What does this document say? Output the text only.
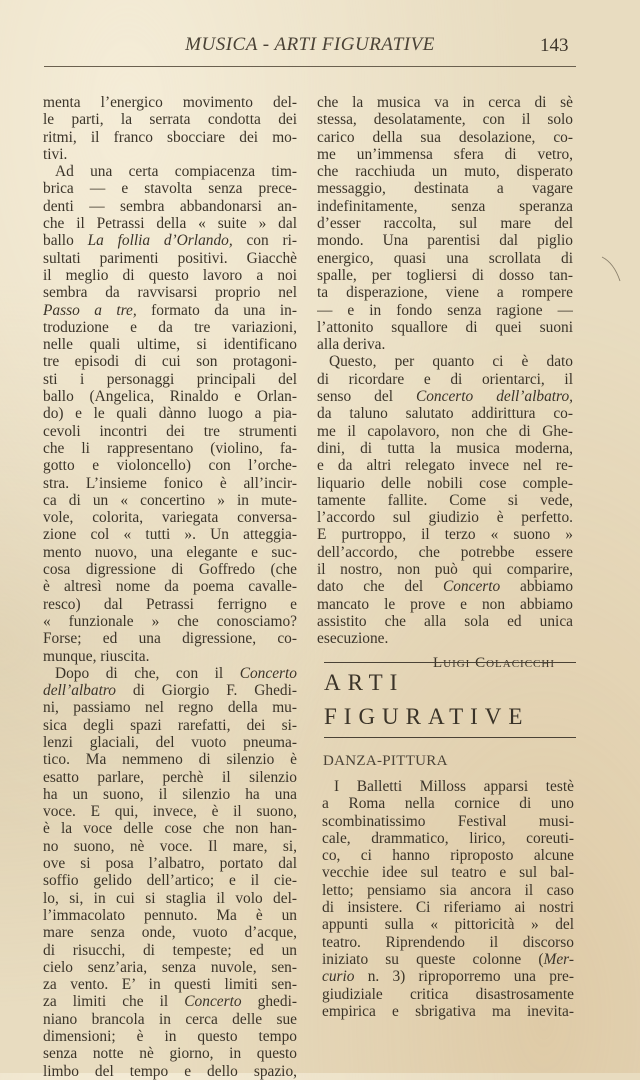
MUSICA - ARTI FIGURATIVE	143
menta l’energico movimento del-
le parti, la serrata condotta dei
ritmi, il franco sbocciare dei mo-
tivi.
Ad una certa compiacenza tim-
brica — e stavolta senza prece-
denti — sembra abbandonarsi an-
che il Petrassi della « suite » dal
ballo La follia d’Orlando, con ri-
sultati parimenti positivi. Giacchè
il meglio di questo lavoro a noi
sembra da ravvisarsi proprio nel
Passo a tre, formato da una in-
troduzione e da tre variazioni,
nelle quali ultime, si identificano
tre episodi di cui son protagoni-
sti i personaggi principali del
ballo (Angelica, Rinaldo e Orlan-
do) e le quali dànno luogo a pia-
cevoli incontri dei tre strumenti
che li rappresentano (violino, fa-
gotto e violoncello) con l’orche-
stra. L’insieme fonico è all’incir-
ca di un « concertino » in mute-
vole, colorita, variegata conversa-
zione col « tutti ». Un atteggia-
mento nuovo, una elegante e suc-
cosa digressione di Goffredo (che
è altresì nome da poema cavalle-
resco) dal Petrassi ferrigno e
« funzionale » che conosciamo?
Forse; ed una digressione, co-
munque, riuscita.
Dopo di che, con il Concerto
dell’albatro di Giorgio F. Ghedi-
ni, passiamo nel regno della mu-
sica degli spazi rarefatti, dei si-
lenzi glaciali, del vuoto pneuma-
tico. Ma nemmeno di silenzio è
esatto parlare, perchè il silenzio
ha un suono, il silenzio ha una
voce. E qui, invece, è il suono,
è la voce delle cose che non han-
no suono, nè voce. Il mare, si,
ove si posa l’albatro, portato dal
soffio gelido dell’artico; e il cie-
lo, si, in cui si staglia il volo del-
l’immacolato pennuto. Ma è un
mare senza onde, vuoto d’acque,
di risucchi, di tempeste; ed un
cielo senz’aria, senza nuvole, sen-
za vento. E’ in questi limiti sen-
za limiti che il Concerto ghedi-
niano brancola in cerca delle sue
dimensioni; è in questo tempo
senza notte nè giorno, in questo
limbo del tempo e dello spazio,
che la musica va in cerca di sè
stessa, desolatamente, con il solo
carico della sua desolazione, co-
me un’immensa sfera di vetro,
che racchiuda un muto, disperato
messaggio, destinata a vagare
indefinitamente, senza speranza
d’esser raccolta, sul mare del
mondo. Una parentisi dal piglio
energico, quasi una scrollata di
spalle, per togliersi di dosso tan-
ta disperazione, viene a rompere
— e in fondo senza ragione —
l’attonito squallore di quei suoni
alla deriva.
Questo, per quanto ci è dato
di ricordare e di orientarci, il
senso del Concerto dell’albatro,
da taluno salutato addirittura co-
me il capolavoro, non che di Ghe-
dini, di tutta la musica moderna,
e da altri relegato invece nel re-
liquario delle nobili cose comple-
tamente fallite. Come si vede,
l’accordo sul giudizio è perfetto.
E purtroppo, il terzo « suono »
dell’accordo, che potrebbe essere
il nostro, non può qui comparire,
dato che del Concerto abbiamo
mancato le prove e non abbiamo
assistito che alla sola ed unica
esecuzione.
Luigi Colacicchi
ARTI
FIGURATIVE
DANZA-PITTURA
I Balletti Milloss apparsi testè
a Roma nella cornice di uno
scombinatissimo Festival musi-
cale, drammatico, lirico, coreuti-
co, ci hanno riproposto alcune
vecchie idee sul teatro e sul bal-
letto; pensiamo sia ancora il caso
di insistere. Ci riferiamo ai nostri
appunti sulla « pittoricità » del
teatro. Riprendendo il discorso
iniziato su queste colonne (Mer-
curio n. 3) riproporremo una pre-
giudiziale critica disastrosamente
empirica e sbrigativa ma inevita-
